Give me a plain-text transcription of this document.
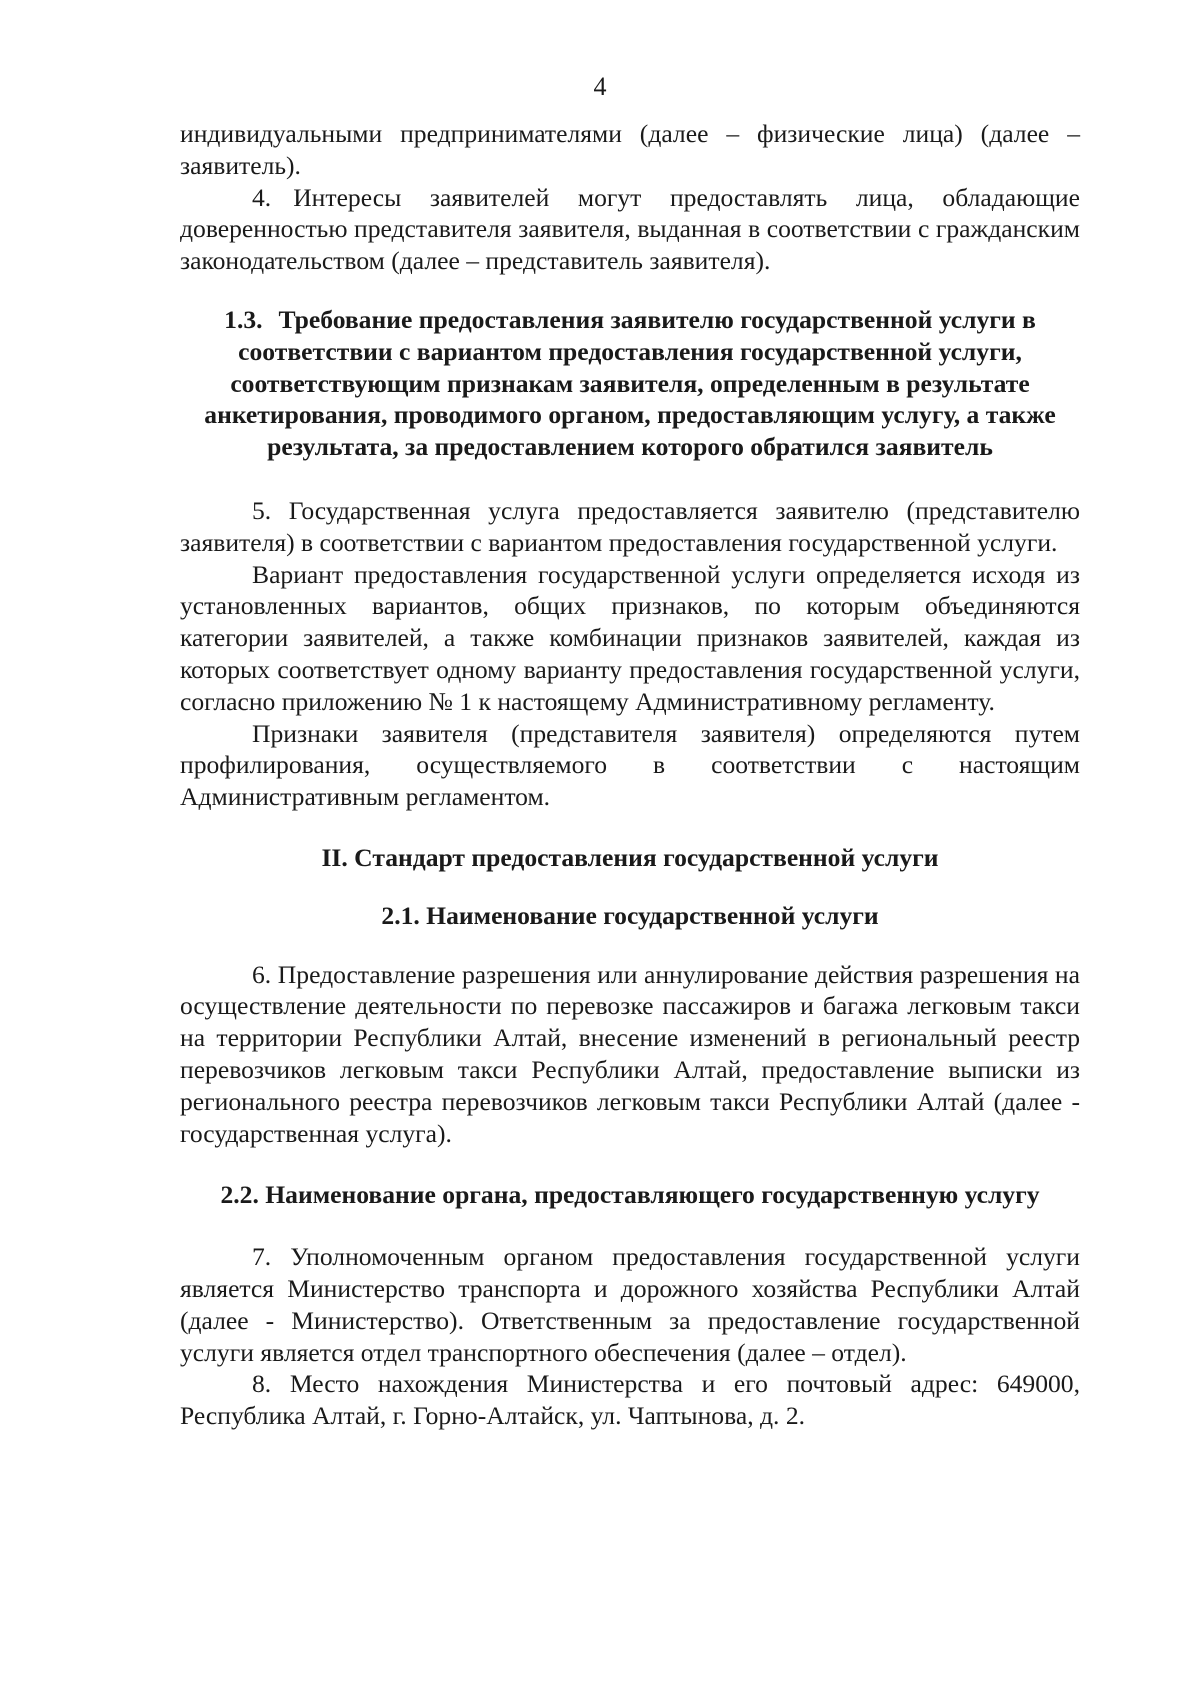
4

индивидуальными предпринимателями (далее – физические лица) (далее – заявитель).

4. Интересы заявителей могут предоставлять лица, обладающие доверенностью представителя заявителя, выданная в соответствии с гражданским законодательством (далее – представитель заявителя).

1.3. Требование предоставления заявителю государственной услуги в соответствии с вариантом предоставления государственной услуги, соответствующим признакам заявителя, определенным в результате анкетирования, проводимого органом, предоставляющим услугу, а также результата, за предоставлением которого обратился заявитель

5. Государственная услуга предоставляется заявителю (представителю заявителя) в соответствии с вариантом предоставления государственной услуги.

Вариант предоставления государственной услуги определяется исходя из установленных вариантов, общих признаков, по которым объединяются категории заявителей, а также комбинации признаков заявителей, каждая из которых соответствует одному варианту предоставления государственной услуги, согласно приложению № 1 к настоящему Административному регламенту.

Признаки заявителя (представителя заявителя) определяются путем профилирования, осуществляемого в соответствии с настоящим Административным регламентом.

II. Стандарт предоставления государственной услуги
2.1. Наименование государственной услуги

6. Предоставление разрешения или аннулирование действия разрешения на осуществление деятельности по перевозке пассажиров и багажа легковым такси на территории Республики Алтай, внесение изменений в региональный реестр перевозчиков легковым такси Республики Алтай, предоставление выписки из регионального реестра перевозчиков легковым такси Республики Алтай (далее - государственная услуга).

2.2. Наименование органа, предоставляющего государственную услугу

7. Уполномоченным органом предоставления государственной услуги является Министерство транспорта и дорожного хозяйства Республики Алтай (далее - Министерство). Ответственным за предоставление государственной услуги является отдел транспортного обеспечения (далее – отдел).

8. Место нахождения Министерства и его почтовый адрес: 649000, Республика Алтай, г. Горно-Алтайск, ул. Чаптынова, д. 2.
